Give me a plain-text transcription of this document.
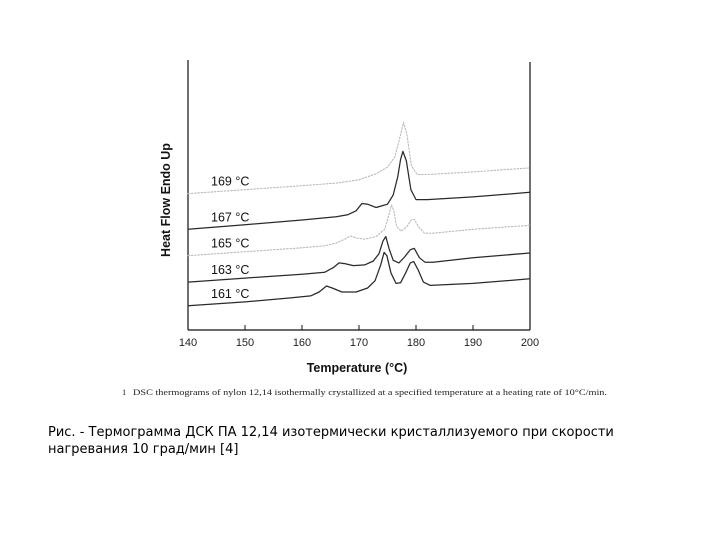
169 °C
167 °C
165 °C
163 °C
161 °C
140	150	160	170	180	190	200
Temperature (°C)
Heat Flow Endo Up
1 DSC thermograms of nylon 12,14 isothermally crystallized at a specified temperature at a heating rate of 10°C/min.
Рис. - Термограмма ДСК ПА 12,14 изотермически кристаллизуемого при скорости нагревания 10 град/мин [4]
